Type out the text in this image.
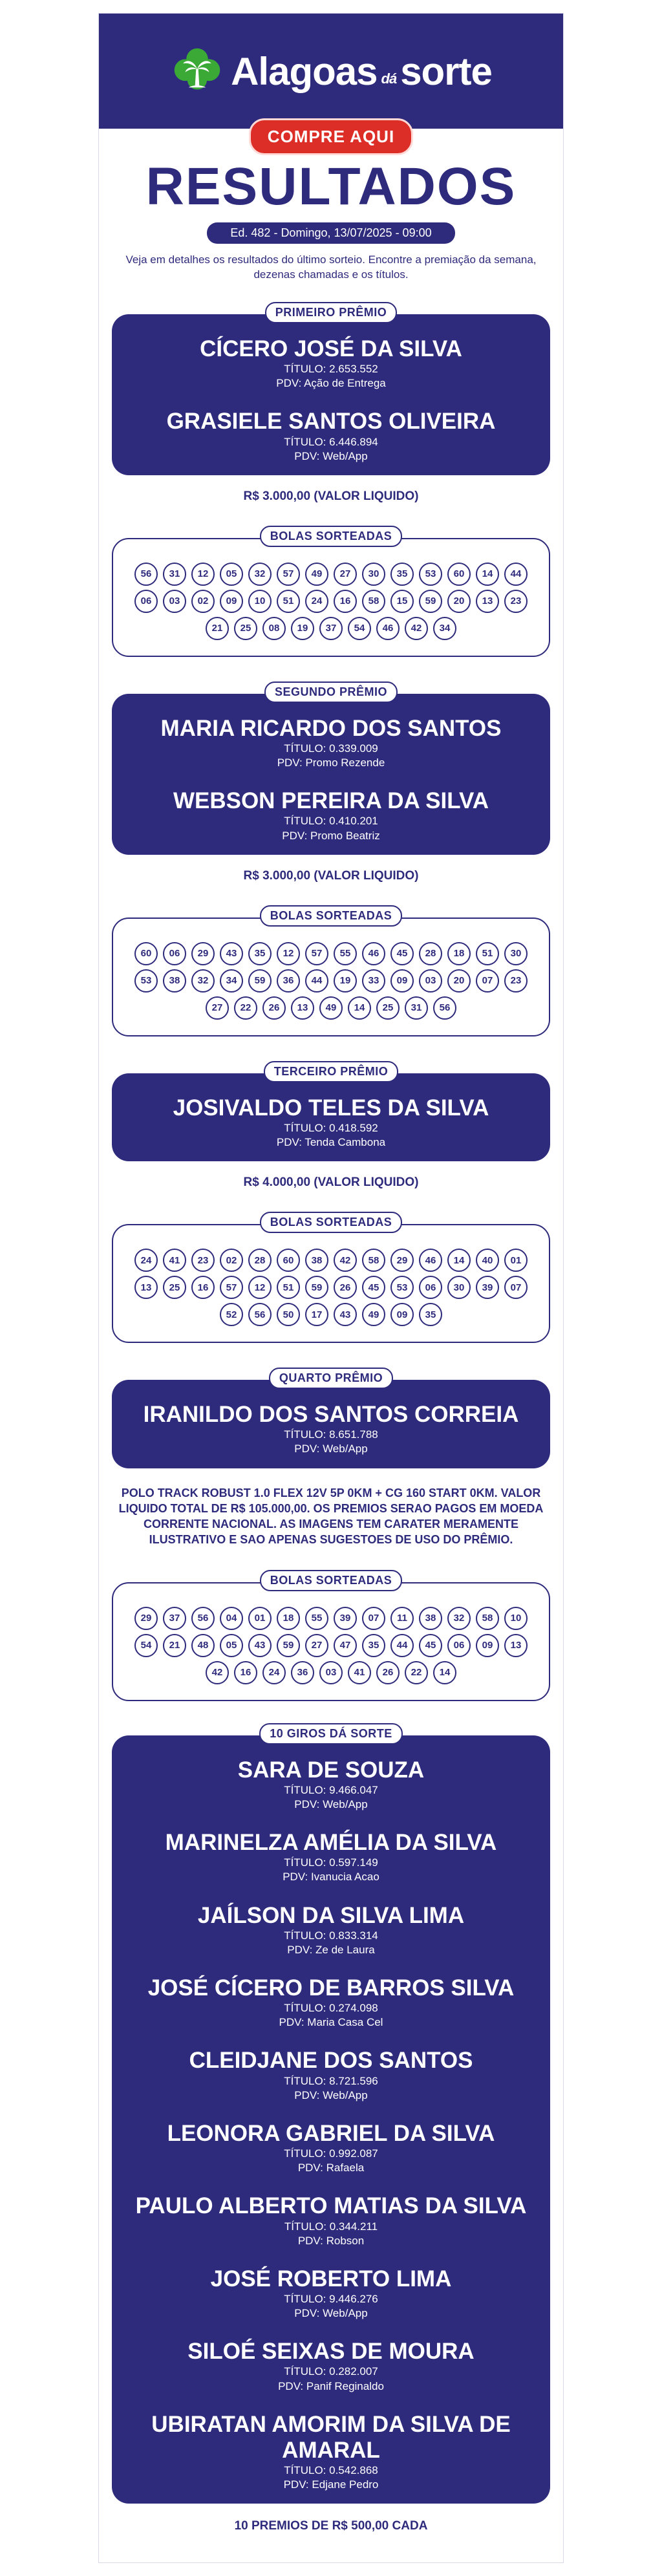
Alagoas dá sorte
COMPRE AQUI
RESULTADOS
Ed. 482 - Domingo, 13/07/2025 - 09:00
Veja em detalhes os resultados do último sorteio. Encontre a premiação da semana, dezenas chamadas e os títulos.
PRIMEIRO PRÊMIO
CÍCERO JOSÉ DA SILVA
TÍTULO: 2.653.552
PDV: Ação de Entrega
GRASIELE SANTOS OLIVEIRA
TÍTULO: 6.446.894
PDV: Web/App
R$ 3.000,00 (VALOR LIQUIDO)
BOLAS SORTEADAS
56	31	12	05	32	57	49	27	30	35	53	60	14	44
06	03	02	09	10	51	24	16	58	15	59	20	13	23
21	25	08	19	37	54	46	42	34
SEGUNDO PRÊMIO
MARIA RICARDO DOS SANTOS
TÍTULO: 0.339.009
PDV: Promo Rezende
WEBSON PEREIRA DA SILVA
TÍTULO: 0.410.201
PDV: Promo Beatriz
R$ 3.000,00 (VALOR LIQUIDO)
BOLAS SORTEADAS
60	06	29	43	35	12	57	55	46	45	28	18	51	30
53	38	32	34	59	36	44	19	33	09	03	20	07	23
27	22	26	13	49	14	25	31	56
TERCEIRO PRÊMIO
JOSIVALDO TELES DA SILVA
TÍTULO: 0.418.592
PDV: Tenda Cambona
R$ 4.000,00 (VALOR LIQUIDO)
BOLAS SORTEADAS
24	41	23	02	28	60	38	42	58	29	46	14	40	01
13	25	16	57	12	51	59	26	45	53	06	30	39	07
52	56	50	17	43	49	09	35
QUARTO PRÊMIO
IRANILDO DOS SANTOS CORREIA
TÍTULO: 8.651.788
PDV: Web/App
POLO TRACK ROBUST 1.0 FLEX 12V 5P 0KM + CG 160 START 0KM. VALOR LIQUIDO TOTAL DE R$ 105.000,00. OS PREMIOS SERAO PAGOS EM MOEDA CORRENTE NACIONAL. AS IMAGENS TEM CARATER MERAMENTE ILUSTRATIVO E SAO APENAS SUGESTOES DE USO DO PRÊMIO.
BOLAS SORTEADAS
29	37	56	04	01	18	55	39	07	11	38	32	58	10
54	21	48	05	43	59	27	47	35	44	45	06	09	13
42	16	24	36	03	41	26	22	14
10 GIROS DÁ SORTE
SARA DE SOUZA
TÍTULO: 9.466.047
PDV: Web/App
MARINELZA AMÉLIA DA SILVA
TÍTULO: 0.597.149
PDV: Ivanucia Acao
JAÍLSON DA SILVA LIMA
TÍTULO: 0.833.314
PDV: Ze de Laura
JOSÉ CÍCERO DE BARROS SILVA
TÍTULO: 0.274.098
PDV: Maria Casa Cel
CLEIDJANE DOS SANTOS
TÍTULO: 8.721.596
PDV: Web/App
LEONORA GABRIEL DA SILVA
TÍTULO: 0.992.087
PDV: Rafaela
PAULO ALBERTO MATIAS DA SILVA
TÍTULO: 0.344.211
PDV: Robson
JOSÉ ROBERTO LIMA
TÍTULO: 9.446.276
PDV: Web/App
SILOÉ SEIXAS DE MOURA
TÍTULO: 0.282.007
PDV: Panif Reginaldo
UBIRATAN AMORIM DA SILVA DE AMARAL
TÍTULO: 0.542.868
PDV: Edjane Pedro
10 PREMIOS DE R$ 500,00 CADA
